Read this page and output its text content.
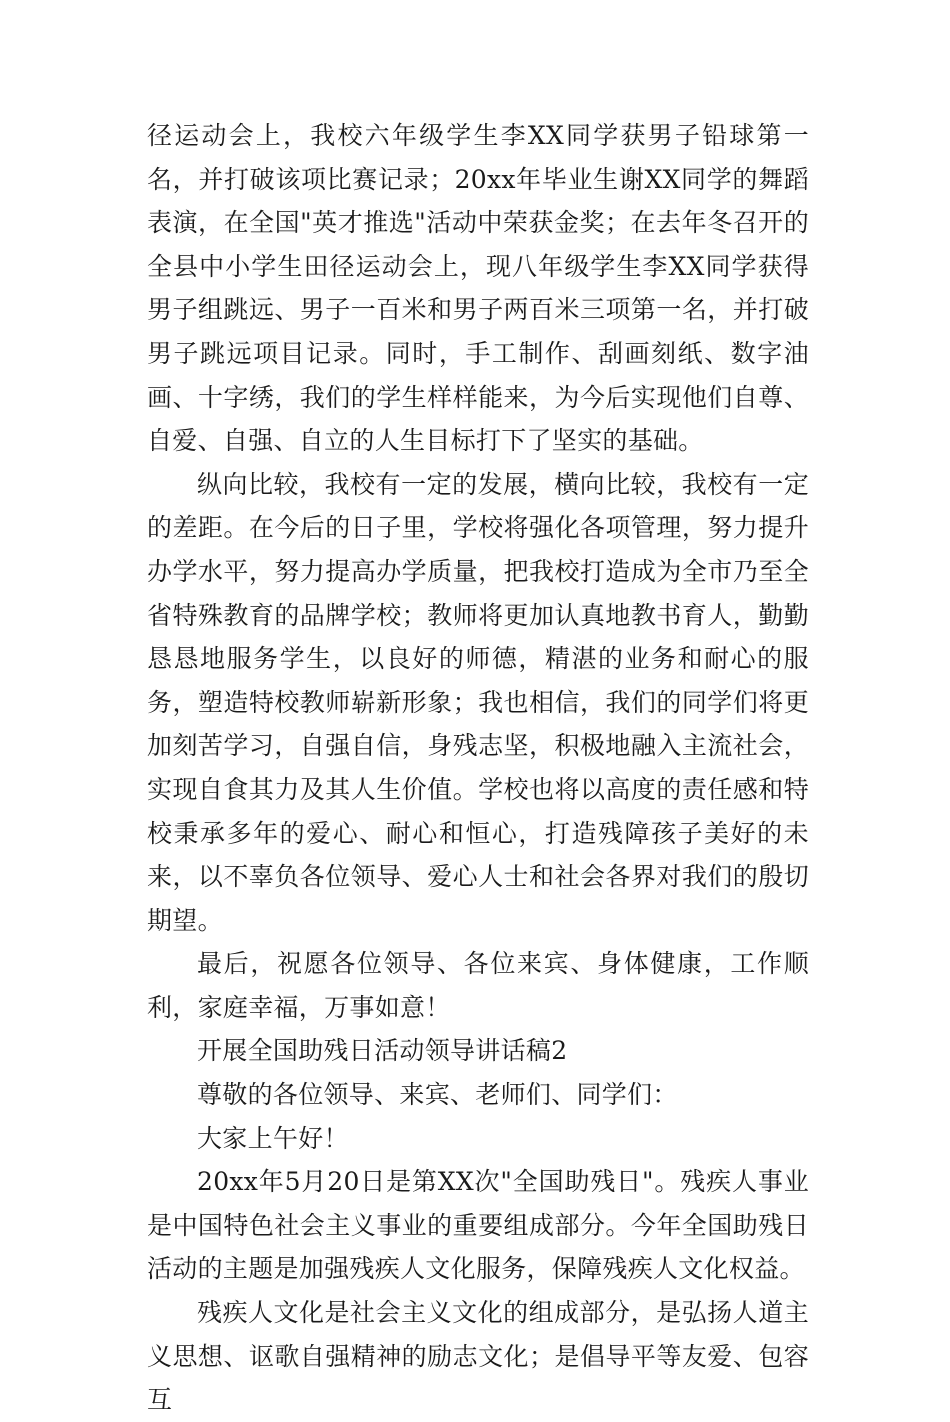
径运动会上，我校六年级学生李XX同学获男子铅球第一名，并打破该项比赛记录；20xx年毕业生谢XX同学的舞蹈表演，在全国"英才推选"活动中荣获金奖；在去年冬召开的全县中小学生田径运动会上，现八年级学生李XX同学获得男子组跳远、男子一百米和男子两百米三项第一名，并打破男子跳远项目记录。同时，手工制作、刮画刻纸、数字油画、十字绣，我们的学生样样能来，为今后实现他们自尊、自爱、自强、自立的人生目标打下了坚实的基础。

纵向比较，我校有一定的发展，横向比较，我校有一定的差距。在今后的日子里，学校将强化各项管理，努力提升办学水平，努力提高办学质量，把我校打造成为全市乃至全省特殊教育的品牌学校；教师将更加认真地教书育人，勤勤恳恳地服务学生，以良好的师德，精湛的业务和耐心的服务，塑造特校教师崭新形象；我也相信，我们的同学们将更加刻苦学习，自强自信，身残志坚，积极地融入主流社会，实现自食其力及其人生价值。学校也将以高度的责任感和特校秉承多年的爱心、耐心和恒心，打造残障孩子美好的未来，以不辜负各位领导、爱心人士和社会各界对我们的殷切期望。

最后，祝愿各位领导、各位来宾、身体健康，工作顺利，家庭幸福，万事如意！

开展全国助残日活动领导讲话稿2

尊敬的各位领导、来宾、老师们、同学们：

大家上午好！

20xx年5月20日是第XX次"全国助残日"。残疾人事业是中国特色社会主义事业的重要组成部分。今年全国助残日活动的主题是加强残疾人文化服务，保障残疾人文化权益。

残疾人文化是社会主义文化的组成部分，是弘扬人道主义思想、讴歌自强精神的励志文化；是倡导平等友爱、包容互
